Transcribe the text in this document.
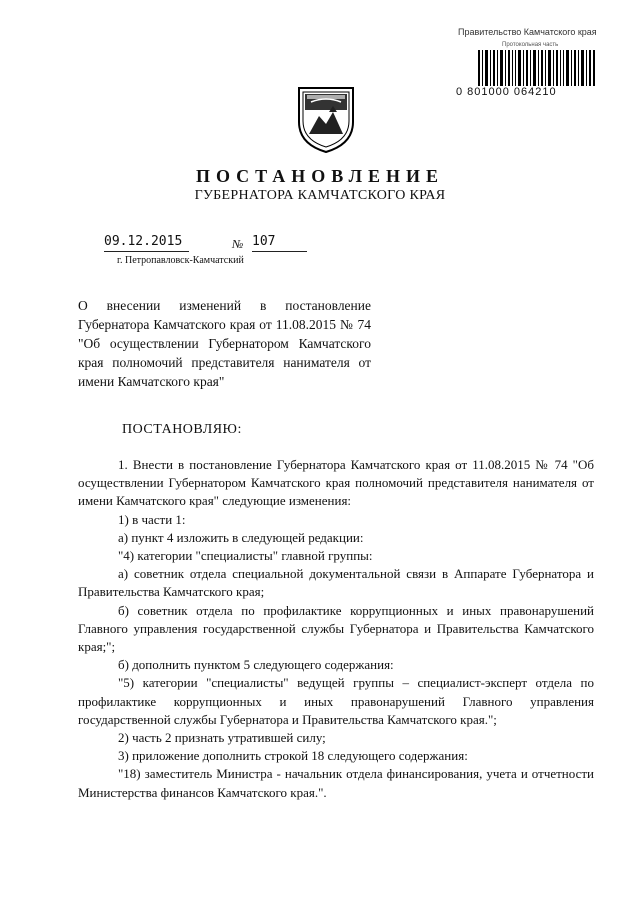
Правительство Камчатского края
Протокольная часть
0 801000 064210
ПОСТАНОВЛЕНИЕ
ГУБЕРНАТОРА КАМЧАТСКОГО КРАЯ
09.12.2015	№ 107
г. Петропавловск-Камчатский

О внесении изменений в постановление Губернатора Камчатского края от 11.08.2015 № 74 "Об осуществлении Губернатором Камчатского края полномочий представителя нанимателя от имени Камчатского края"

ПОСТАНОВЛЯЮ:

1. Внести в постановление Губернатора Камчатского края от 11.08.2015 № 74 "Об осуществлении Губернатором Камчатского края полномочий представителя нанимателя от имени Камчатского края" следующие изменения:

1) в части 1:

а) пункт 4 изложить в следующей редакции:

"4) категории "специалисты" главной группы:

а) советник отдела специальной документальной связи в Аппарате Губернатора и Правительства Камчатского края;

б) советник отдела по профилактике коррупционных и иных правонарушений Главного управления государственной службы Губернатора и Правительства Камчатского края;";

б) дополнить пунктом 5 следующего содержания:

"5) категории "специалисты" ведущей группы – специалист-эксперт отдела по профилактике коррупционных и иных правонарушений Главного управления государственной службы Губернатора и Правительства Камчатского края.";

2) часть 2 признать утратившей силу;

3) приложение дополнить строкой 18 следующего содержания:

"18) заместитель Министра - начальник отдела финансирования, учета и отчетности Министерства финансов Камчатского края.".
